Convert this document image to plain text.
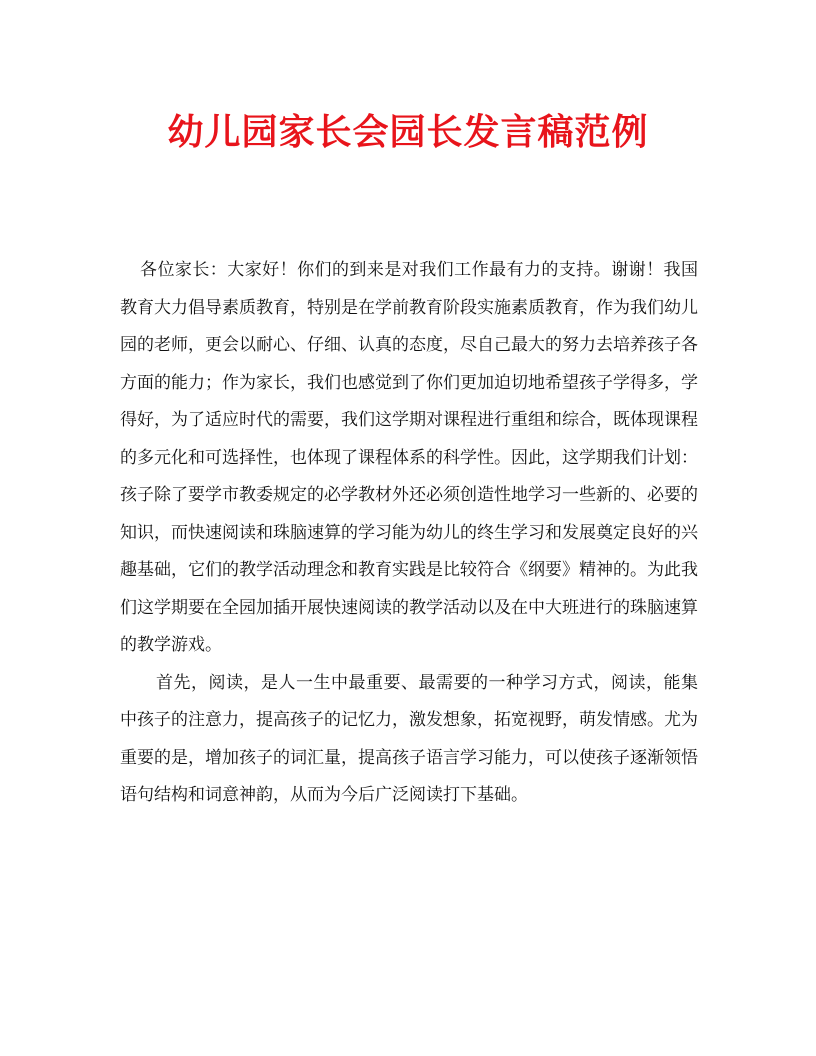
幼儿园家长会园长发言稿范例

各位家长：大家好！你们的到来是对我们工作最有力的支持。谢谢！我国教育大力倡导素质教育，特别是在学前教育阶段实施素质教育，作为我们幼儿园的老师，更会以耐心、仔细、认真的态度，尽自己最大的努力去培养孩子各方面的能力；作为家长，我们也感觉到了你们更加迫切地希望孩子学得多，学得好，为了适应时代的需要，我们这学期对课程进行重组和综合，既体现课程的多元化和可选择性，也体现了课程体系的科学性。因此，这学期我们计划：孩子除了要学市教委规定的必学教材外还必须创造性地学习一些新的、必要的知识，而快速阅读和珠脑速算的学习能为幼儿的终生学习和发展奠定良好的兴趣基础，它们的教学活动理念和教育实践是比较符合《纲要》精神的。为此我们这学期要在全园加插开展快速阅读的教学活动以及在中大班进行的珠脑速算的教学游戏。

首先，阅读，是人一生中最重要、最需要的一种学习方式，阅读，能集中孩子的注意力，提高孩子的记忆力，激发想象，拓宽视野，萌发情感。尤为重要的是，增加孩子的词汇量，提高孩子语言学习能力，可以使孩子逐渐领悟语句结构和词意神韵，从而为今后广泛阅读打下基础。
